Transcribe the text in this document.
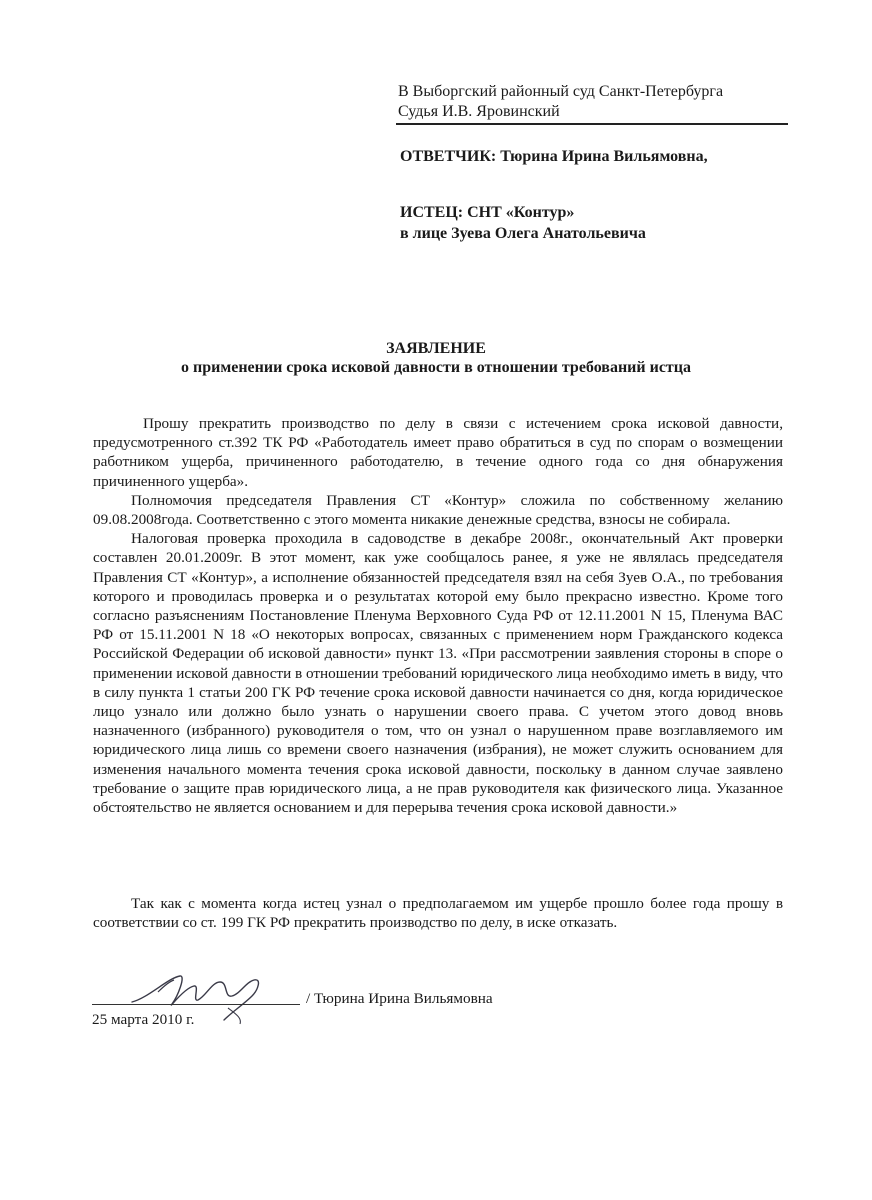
В Выборгский районный суд Санкт-Петербурга
Судья И.В. Яровинский
ОТВЕТЧИК: Тюрина Ирина Вильямовна,
ИСТЕЦ: СНТ «Контур»
в лице Зуева Олега Анатольевича
ЗАЯВЛЕНИЕ
о применении срока исковой давности в отношении требований истца

Прошу прекратить производство по делу в связи с истечением срока исковой давности, предусмотренного ст.392 ТК РФ «Работодатель имеет право обратиться в суд по спорам о возмещении работником ущерба, причиненного работодателю, в течение одного года со дня обнаружения причиненного ущерба».

Полномочия председателя Правления СТ «Контур» сложила по собственному желанию 09.08.2008года. Соответственно с этого момента никакие денежные средства, взносы не собирала.

Налоговая проверка проходила в садоводстве в декабре 2008г., окончательный Акт проверки составлен 20.01.2009г. В этот момент, как уже сообщалось ранее, я уже не являлась председателя Правления СТ «Контур», а исполнение обязанностей председателя взял на себя Зуев О.А., по требования которого и проводилась проверка и о результатах которой ему было прекрасно известно. Кроме того согласно разъяснениям Постановление Пленума Верховного Суда РФ от 12.11.2001 N 15, Пленума ВАС РФ от 15.11.2001 N 18 «О некоторых вопросах, связанных с применением норм Гражданского кодекса Российской Федерации об исковой давности» пункт 13. «При рассмотрении заявления стороны в споре о применении исковой давности в отношении требований юридического лица необходимо иметь в виду, что в силу пункта 1 статьи 200 ГК РФ течение срока исковой давности начинается со дня, когда юридическое лицо узнало или должно было узнать о нарушении своего права. С учетом этого довод вновь назначенного (избранного) руководителя о том, что он узнал о нарушенном праве возглавляемого им юридического лица лишь со времени своего назначения (избрания), не может служить основанием для изменения начального момента течения срока исковой давности, поскольку в данном случае заявлено требование о защите прав юридического лица, а не прав руководителя как физического лица. Указанное обстоятельство не является основанием и для перерыва течения срока исковой давности.»

Так как с момента когда истец узнал о предполагаемом им ущербе прошло более года прошу в соответствии со ст. 199 ГК РФ прекратить производство по делу, в иске отказать.

/ Тюрина Ирина Вильямовна
25 марта 2010 г.
